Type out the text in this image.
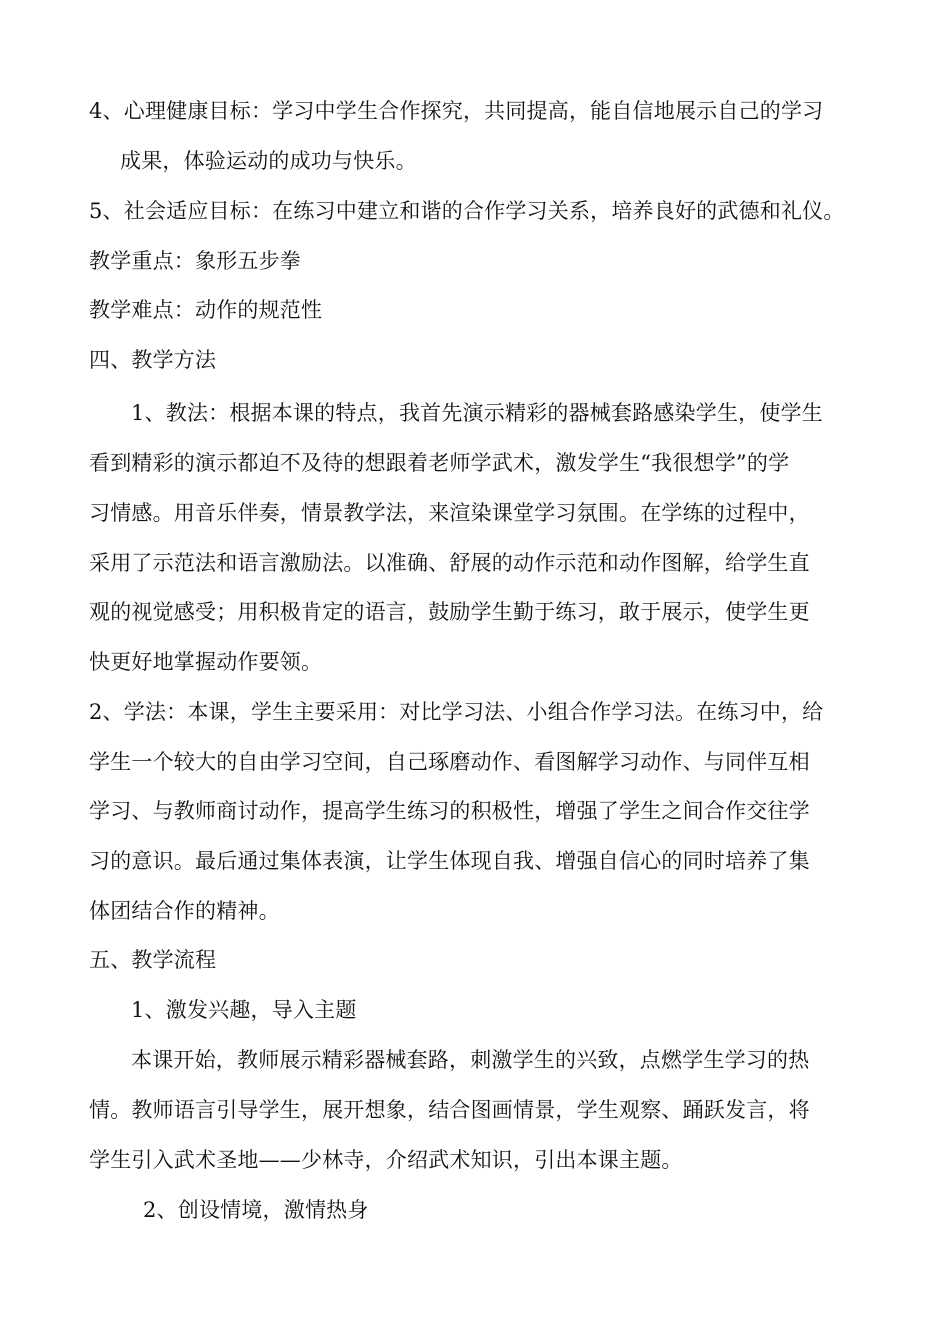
4、心理健康目标：学习中学生合作探究，共同提高，能自信地展示自己的学习
成果，体验运动的成功与快乐。
5、社会适应目标：在练习中建立和谐的合作学习关系，培养良好的武德和礼仪。
教学重点：象形五步拳
教学难点：动作的规范性
四、教学方法
1、教法：根据本课的特点，我首先演示精彩的器械套路感染学生，使学生
看到精彩的演示都迫不及待的想跟着老师学武术，激发学生“我很想学”的学
习情感。用音乐伴奏，情景教学法，来渲染课堂学习氛围。在学练的过程中，
采用了示范法和语言激励法。以准确、舒展的动作示范和动作图解，给学生直
观的视觉感受；用积极肯定的语言，鼓励学生勤于练习，敢于展示，使学生更
快更好地掌握动作要领。
2、学法：本课，学生主要采用：对比学习法、小组合作学习法。在练习中，给
学生一个较大的自由学习空间，自己琢磨动作、看图解学习动作、与同伴互相
学习、与教师商讨动作，提高学生练习的积极性，增强了学生之间合作交往学
习的意识。最后通过集体表演，让学生体现自我、增强自信心的同时培养了集
体团结合作的精神。
五、教学流程
1、激发兴趣，导入主题
本课开始，教师展示精彩器械套路，刺激学生的兴致，点燃学生学习的热
情。教师语言引导学生，展开想象，结合图画情景，学生观察、踊跃发言，将
学生引入武术圣地——少林寺，介绍武术知识，引出本课主题。
2、创设情境，激情热身
